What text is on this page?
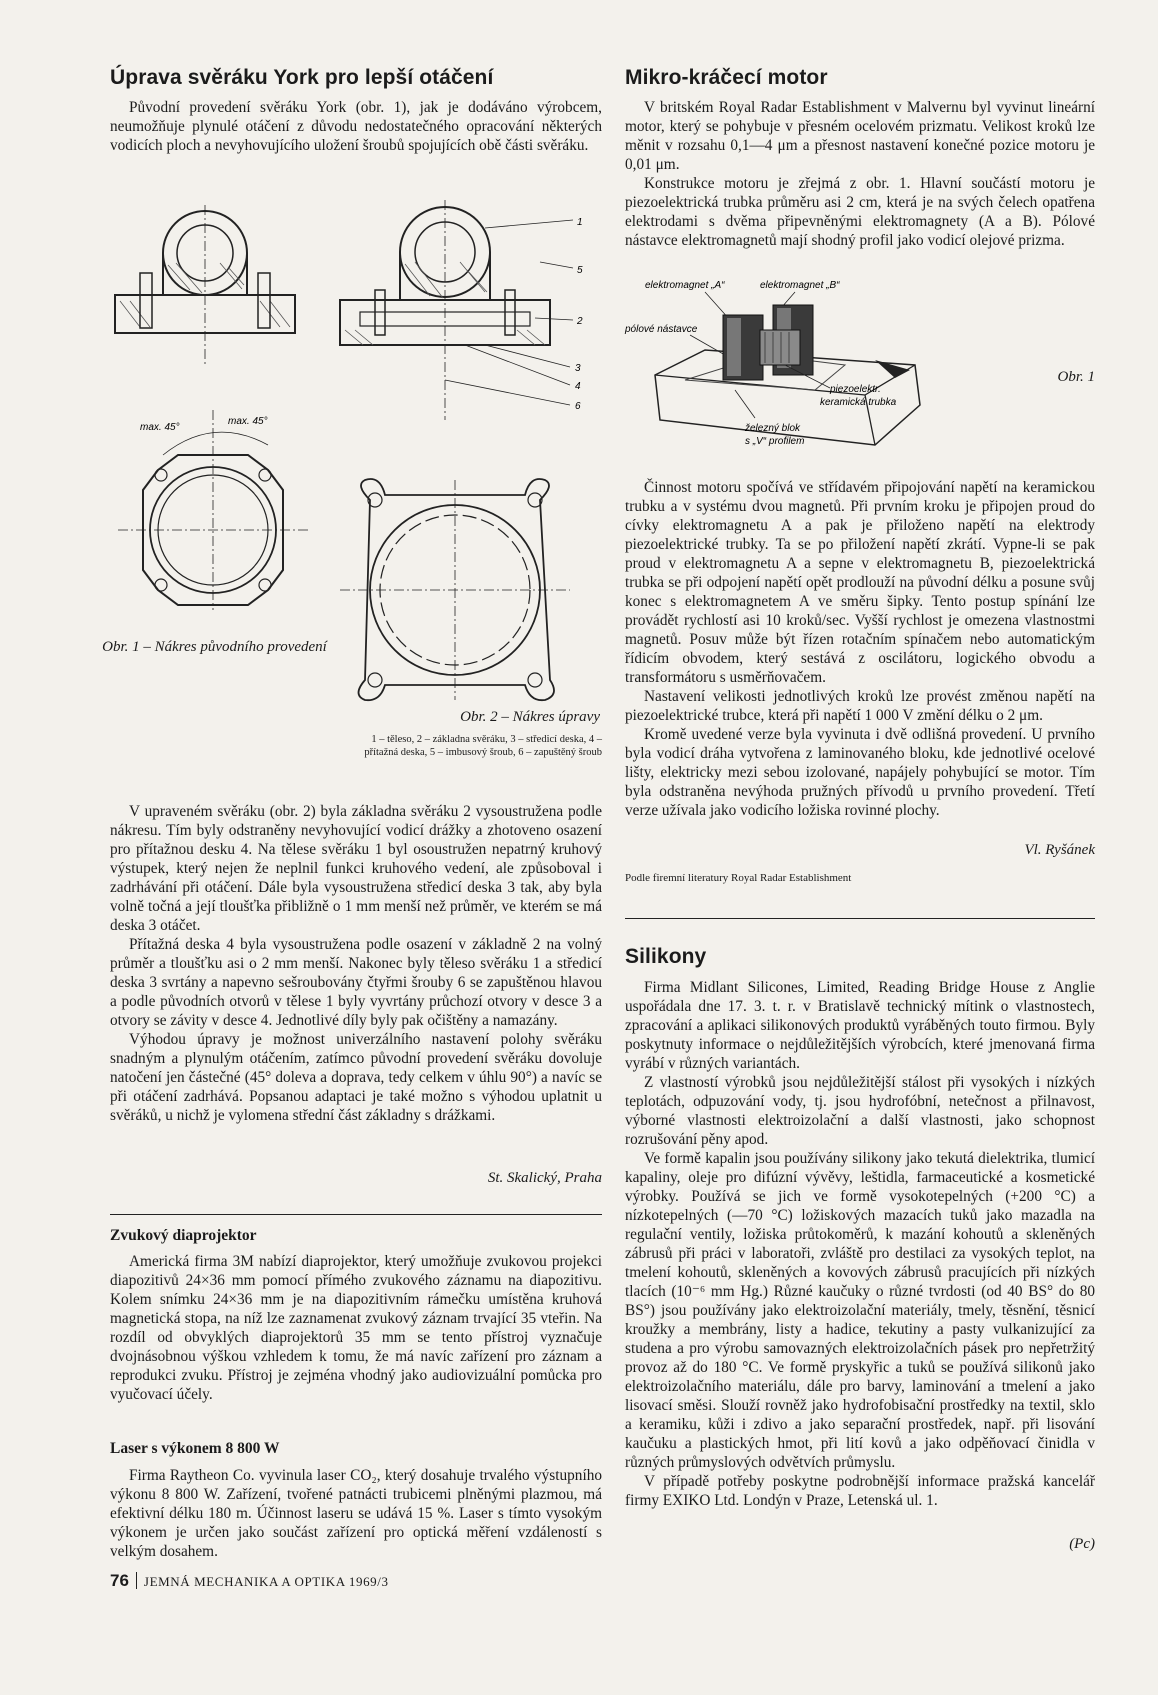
Úprava svěráku York pro lepší otáčení

Původní provedení svěráku York (obr. 1), jak je dodáváno výrobcem, neumožňuje plynulé otáčení z důvodu nedostatečného opracování některých vodicích ploch a nevyhovujícího uložení šroubů spojujících obě části svěráku.

1
5
2
3
4
6
max. 45°
max. 45°
Obr. 1 – Nákres původního provedení
Obr. 2 – Nákres úpravy
1 – těleso, 2 – základna svěráku, 3 – středicí deska, 4 – přítažná deska, 5 – imbusový šroub, 6 – zapuštěný šroub

V upraveném svěráku (obr. 2) byla základna svěráku 2 vysoustružena podle nákresu. Tím byly odstraněny nevyhovující vodicí drážky a zhotoveno osazení pro přítažnou desku 4. Na tělese svěráku 1 byl osoustružen nepatrný kruhový výstupek, který nejen že neplnil funkci kruhového vedení, ale způsoboval i zadrhávání při otáčení. Dále byla vysoustružena středicí deska 3 tak, aby byla volně točná a její tloušťka přibližně o 1 mm menší než průměr, ve kterém se má deska 3 otáčet.

Přítažná deska 4 byla vysoustružena podle osazení v základně 2 na volný průměr a tloušťku asi o 2 mm menší. Nakonec byly těleso svěráku 1 a středicí deska 3 svrtány a napevno sešroubovány čtyřmi šrouby 6 se zapuštěnou hlavou a podle původních otvorů v tělese 1 byly vyvrtány průchozí otvory v desce 3 a otvory se závity v desce 4. Jednotlivé díly byly pak očištěny a namazány.

Výhodou úpravy je možnost univerzálního nastavení polohy svěráku snadným a plynulým otáčením, zatímco původní provedení svěráku dovoluje natočení jen částečné (45° doleva a doprava, tedy celkem v úhlu 90°) a navíc se při otáčení zadrhává. Popsanou adaptaci je také možno s výhodou uplatnit u svěráků, u nichž je vylomena střední část základny s drážkami.

St. Skalický, Praha
Zvukový diaprojektor

Americká firma 3M nabízí diaprojektor, který umožňuje zvukovou projekci diapozitivů 24×36 mm pomocí přímého zvukového záznamu na diapozitivu. Kolem snímku 24×36 mm je na diapozitivním rámečku umístěna kruhová magnetická stopa, na níž lze zaznamenat zvukový záznam trvající 35 vteřin. Na rozdíl od obvyklých diaprojektorů 35 mm se tento přístroj vyznačuje dvojnásobnou výškou vzhledem k tomu, že má navíc zařízení pro záznam a reprodukci zvuku. Přístroj je zejména vhodný jako audiovizuální pomůcka pro vyučovací účely.

Laser s výkonem 8 800 W

Firma Raytheon Co. vyvinula laser CO₂, který dosahuje trvalého výstupního výkonu 8 800 W. Zařízení, tvořené patnácti trubicemi plněnými plazmou, má efektivní délku 180 m. Účinnost laseru se udává 15 %. Laser s tímto vysokým výkonem je určen jako součást zařízení pro optická měření vzdáleností s velkým dosahem.

Mikro-kráčecí motor

V britském Royal Radar Establishment v Malvernu byl vyvinut lineární motor, který se pohybuje v přesném ocelovém prizmatu. Velikost kroků lze měnit v rozsahu 0,1—4 μm a přesnost nastavení konečné pozice motoru je 0,01 μm.

Konstrukce motoru je zřejmá z obr. 1. Hlavní součástí motoru je piezoelektrická trubka průměru asi 2 cm, která je na svých čelech opatřena elektrodami s dvěma připevněnými elektromagnety (A a B). Pólové nástavce elektromagnetů mají shodný profil jako vodicí olejové prizma.

elektromagnet „A“	elektromagnet „B“
pólové nástavce
piezoelektr.
keramická trubka
železný blok
s „V“ profilem
Obr. 1

Činnost motoru spočívá ve střídavém připojování napětí na keramickou trubku a v systému dvou magnetů. Při prvním kroku je připojen proud do cívky elektromagnetu A a pak je přiloženo napětí na elektrody piezoelektrické trubky. Ta se po přiložení napětí zkrátí. Vypne-li se pak proud v elektromagnetu A a sepne v elektromagnetu B, piezoelektrická trubka se při odpojení napětí opět prodlouží na původní délku a posune svůj konec s elektromagnetem A ve směru šipky. Tento postup spínání lze provádět rychlostí asi 10 kroků/sec. Vyšší rychlost je omezena vlastnostmi magnetů. Posuv může být řízen rotačním spínačem nebo automatickým řídicím obvodem, který sestává z oscilátoru, logického obvodu a transformátoru s usměrňovačem.

Nastavení velikosti jednotlivých kroků lze provést změnou napětí na piezoelektrické trubce, která při napětí 1 000 V změní délku o 2 μm.

Kromě uvedené verze byla vyvinuta i dvě odlišná provedení. U prvního byla vodicí dráha vytvořena z laminovaného bloku, kde jednotlivé ocelové lišty, elektricky mezi sebou izolované, napájely pohybující se motor. Tím byla odstraněna nevýhoda pružných přívodů u prvního provedení. Třetí verze užívala jako vodicího ložiska rovinné plochy.

Vl. Ryšánek
Podle firemní literatury Royal Radar Establishment
Silikony

Firma Midlant Silicones, Limited, Reading Bridge House z Anglie uspořádala dne 17. 3. t. r. v Bratislavě technický mítink o vlastnostech, zpracování a aplikaci silikonových produktů vyráběných touto firmou. Byly poskytnuty informace o nejdůležitějších výrobcích, které jmenovaná firma vyrábí v různých variantách.

Z vlastností výrobků jsou nejdůležitější stálost při vysokých i nízkých teplotách, odpuzování vody, tj. jsou hydrofóbní, netečnost a přilnavost, výborné vlastnosti elektroizolační a další vlastnosti, jako schopnost rozrušování pěny apod.

Ve formě kapalin jsou používány silikony jako tekutá dielektrika, tlumicí kapaliny, oleje pro difúzní vývěvy, leštidla, farmaceutické a kosmetické výrobky. Používá se jich ve formě vysokotepelných (+200 °C) a nízkotepelných (—70 °C) ložiskových mazacích tuků jako mazadla na regulační ventily, ložiska průtokoměrů, k mazání kohoutů a skleněných zábrusů při práci v laboratoři, zvláště pro destilaci za vysokých teplot, na tmelení kohoutů, skleněných a kovových zábrusů pracujících při nízkých tlacích (10⁻⁶ mm Hg.) Různé kaučuky o různé tvrdosti (od 40 BS° do 80 BS°) jsou používány jako elektroizolační materiály, tmely, těsnění, těsnicí kroužky a membrány, listy a hadice, tekutiny a pasty vulkanizující za studena a pro výrobu samovazných elektroizolačních pásek pro nepřetržitý provoz až do 180 °C. Ve formě pryskyřic a tuků se používá silikonů jako elektroizolačního materiálu, dále pro barvy, laminování a tmelení a jako lisovací směsi. Slouží rovněž jako hydrofobisační prostředky na textil, sklo a keramiku, kůži i zdivo a jako separační prostředek, např. při lisování kaučuku a plastických hmot, při lití kovů a jako odpěňovací činidla v různých průmyslových odvětvích průmyslu.

V případě potřeby poskytne podrobnější informace pražská kancelář firmy EXIKO Ltd. Londýn v Praze, Letenská ul. 1.

(Pc)
76 JEMNÁ MECHANIKA A OPTIKA 1969/3
